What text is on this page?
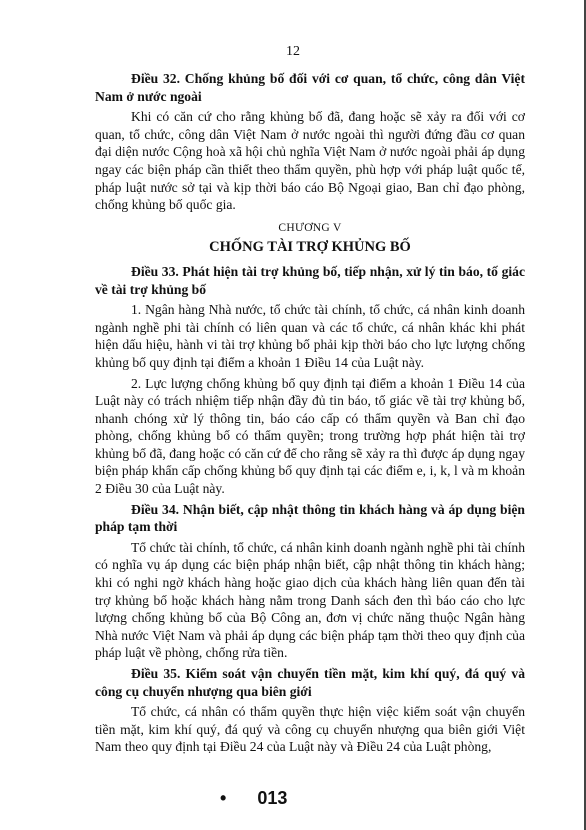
12

Điều 32. Chống khủng bố đối với cơ quan, tổ chức, công dân Việt Nam ở nước ngoài

Khi có căn cứ cho rằng khủng bố đã, đang hoặc sẽ xảy ra đối với cơ quan, tổ chức, công dân Việt Nam ở nước ngoài thì người đứng đầu cơ quan đại diện nước Cộng hoà xã hội chủ nghĩa Việt Nam ở nước ngoài phải áp dụng ngay các biện pháp cần thiết theo thẩm quyền, phù hợp với pháp luật quốc tế, pháp luật nước sở tại và kịp thời báo cáo Bộ Ngoại giao, Ban chỉ đạo phòng, chống khủng bố quốc gia.

CHƯƠNG V
CHỐNG TÀI TRỢ KHỦNG BỐ

Điều 33. Phát hiện tài trợ khủng bố, tiếp nhận, xử lý tin báo, tố giác về tài trợ khủng bố

1. Ngân hàng Nhà nước, tổ chức tài chính, tổ chức, cá nhân kinh doanh ngành nghề phi tài chính có liên quan và các tổ chức, cá nhân khác khi phát hiện dấu hiệu, hành vi tài trợ khủng bố phải kịp thời báo cho lực lượng chống khủng bố quy định tại điểm a khoản 1 Điều 14 của Luật này.

2. Lực lượng chống khủng bố quy định tại điểm a khoản 1 Điều 14 của Luật này có trách nhiệm tiếp nhận đầy đủ tin báo, tố giác về tài trợ khủng bố, nhanh chóng xử lý thông tin, báo cáo cấp có thẩm quyền và Ban chỉ đạo phòng, chống khủng bố có thẩm quyền; trong trường hợp phát hiện tài trợ khủng bố đã, đang hoặc có căn cứ để cho rằng sẽ xảy ra thì được áp dụng ngay biện pháp khẩn cấp chống khủng bố quy định tại các điểm e, i, k, l và m khoản 2 Điều 30 của Luật này.

Điều 34. Nhận biết, cập nhật thông tin khách hàng và áp dụng biện pháp tạm thời

Tổ chức tài chính, tổ chức, cá nhân kinh doanh ngành nghề phi tài chính có nghĩa vụ áp dụng các biện pháp nhận biết, cập nhật thông tin khách hàng; khi có nghi ngờ khách hàng hoặc giao dịch của khách hàng liên quan đến tài trợ khủng bố hoặc khách hàng nằm trong Danh sách đen thì báo cáo cho lực lượng chống khủng bố của Bộ Công an, đơn vị chức năng thuộc Ngân hàng Nhà nước Việt Nam và phải áp dụng các biện pháp tạm thời theo quy định của pháp luật về phòng, chống rửa tiền.

Điều 35. Kiểm soát vận chuyển tiền mặt, kim khí quý, đá quý và công cụ chuyển nhượng qua biên giới

Tổ chức, cá nhân có thẩm quyền thực hiện việc kiểm soát vận chuyển tiền mặt, kim khí quý, đá quý và công cụ chuyển nhượng qua biên giới Việt Nam theo quy định tại Điều 24 của Luật này và Điều 24 của Luật phòng,

• 013
